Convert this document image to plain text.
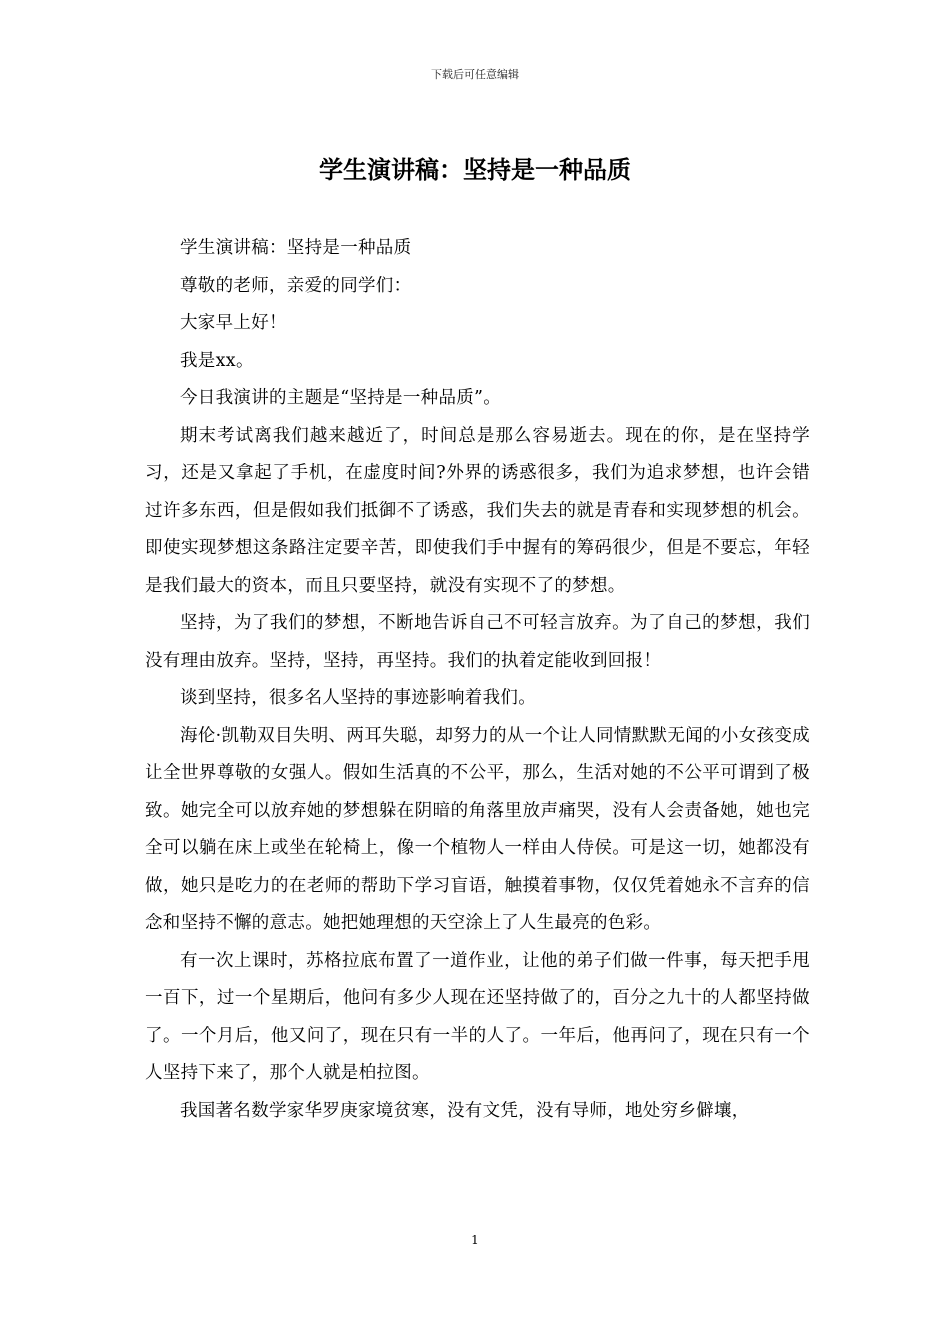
下载后可任意编辑
学生演讲稿：坚持是一种品质

学生演讲稿：坚持是一种品质

尊敬的老师，亲爱的同学们：

大家早上好！

我是xx。

今日我演讲的主题是“坚持是一种品质”。

期末考试离我们越来越近了，时间总是那么容易逝去。现在的你，是在坚持学习，还是又拿起了手机，在虚度时间?外界的诱惑很多，我们为追求梦想，也许会错过许多东西，但是假如我们抵御不了诱惑，我们失去的就是青春和实现梦想的机会。即使实现梦想这条路注定要辛苦，即使我们手中握有的筹码很少，但是不要忘，年轻是我们最大的资本，而且只要坚持，就没有实现不了的梦想。

坚持，为了我们的梦想，不断地告诉自己不可轻言放弃。为了自己的梦想，我们没有理由放弃。坚持，坚持，再坚持。我们的执着定能收到回报！

谈到坚持，很多名人坚持的事迹影响着我们。

海伦·凯勒双目失明、两耳失聪，却努力的从一个让人同情默默无闻的小女孩变成让全世界尊敬的女强人。假如生活真的不公平，那么，生活对她的不公平可谓到了极致。她完全可以放弃她的梦想躲在阴暗的角落里放声痛哭，没有人会责备她，她也完全可以躺在床上或坐在轮椅上，像一个植物人一样由人侍侯。可是这一切，她都没有做，她只是吃力的在老师的帮助下学习盲语，触摸着事物，仅仅凭着她永不言弃的信念和坚持不懈的意志。她把她理想的天空涂上了人生最亮的色彩。

有一次上课时，苏格拉底布置了一道作业，让他的弟子们做一件事，每天把手甩一百下，过一个星期后，他问有多少人现在还坚持做了的，百分之九十的人都坚持做了。一个月后，他又问了，现在只有一半的人了。一年后，他再问了，现在只有一个人坚持下来了，那个人就是柏拉图。

我国著名数学家华罗庚家境贫寒，没有文凭，没有导师，地处穷乡僻壤，

1
